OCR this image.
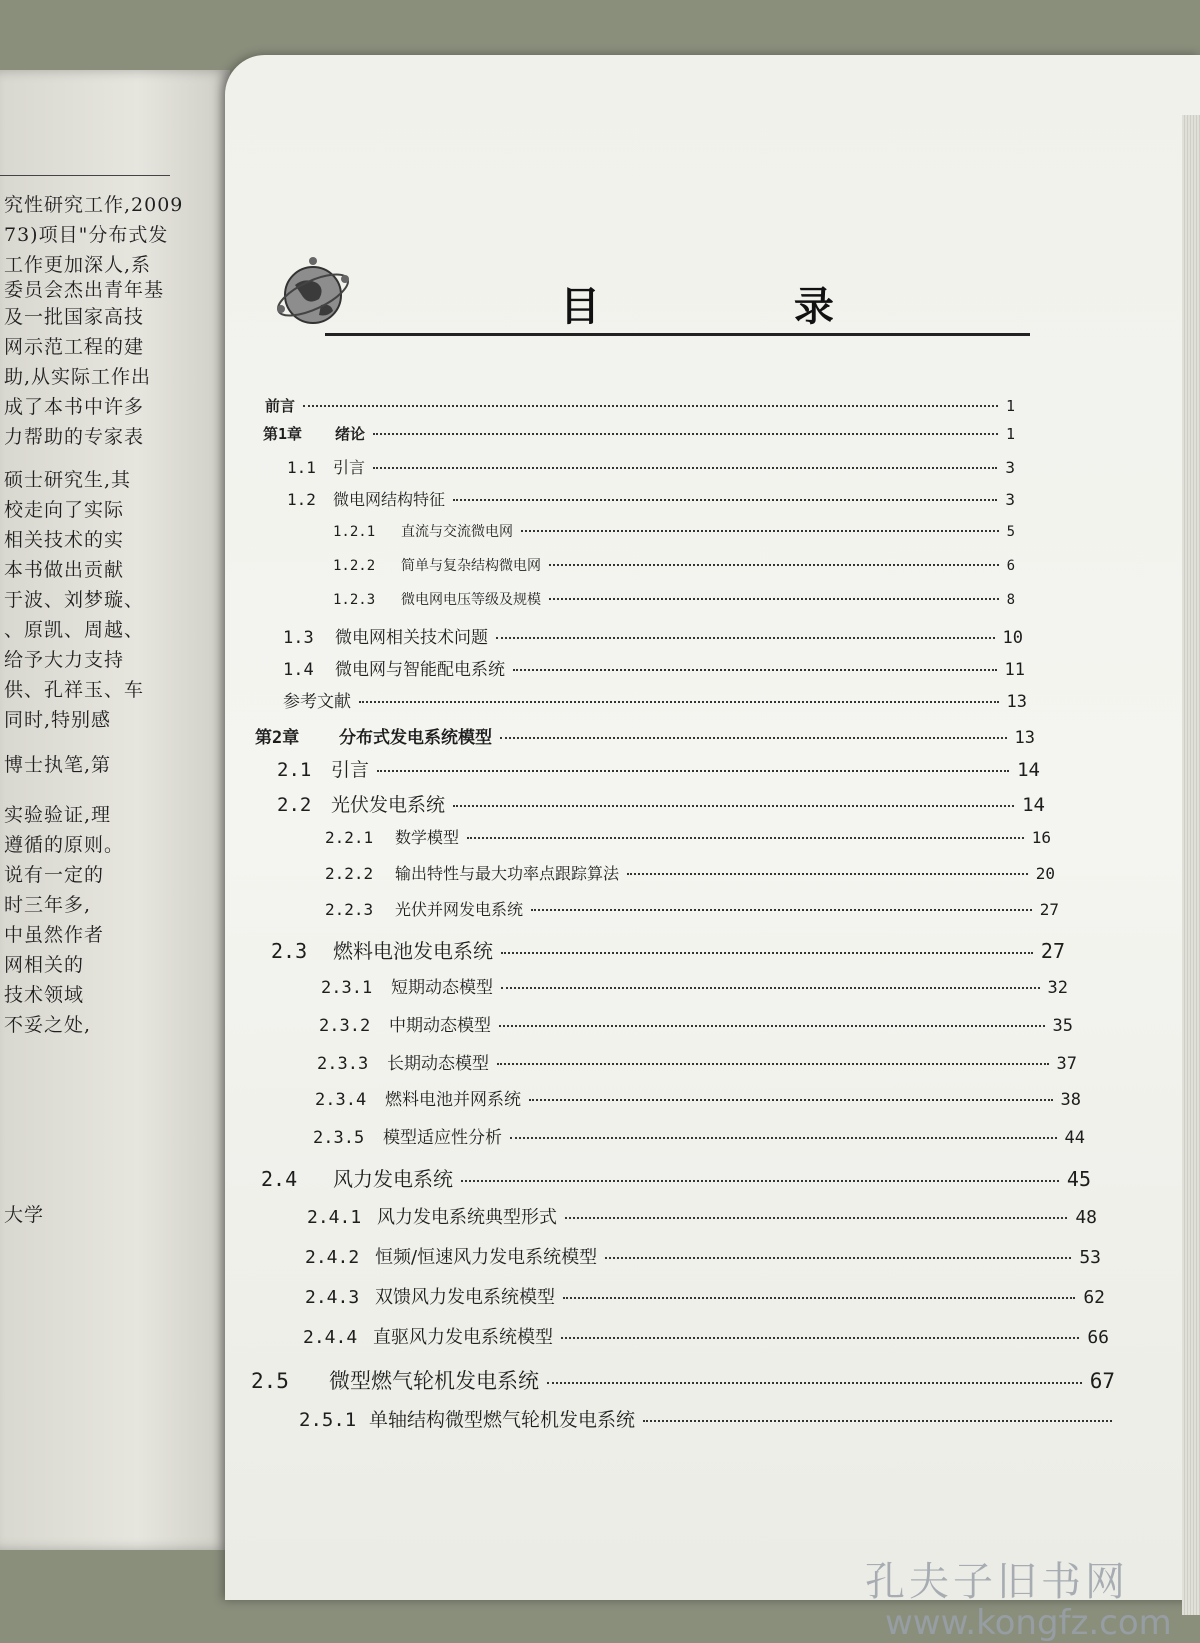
究性研究工作,2009
73)项目"分布式发
工作更加深人,系
委员会杰出青年基
及一批国家高技
网示范工程的建
助,从实际工作出
成了本书中许多
力帮助的专家表
硕士研究生,其
校走向了实际
相关技术的实
本书做出贡献
于波、刘梦璇、
、原凯、周越、
给予大力支持
供、孔祥玉、车
同时,特别感
博士执笔,第
实验验证,理
遵循的原则。
说有一定的
时三年多,
中虽然作者
网相关的
技术领域
不妥之处,
大学
目 录
前言	1
第1章	绪论	1
1.1	引言	3
1.2	微电网结构特征	3
1.2.1	直流与交流微电网	5
1.2.2	简单与复杂结构微电网	6
1.2.3	微电网电压等级及规模	8
1.3	微电网相关技术问题	10
1.4	微电网与智能配电系统	11
参考文献	13
第2章	分布式发电系统模型	13
2.1	引言	14
2.2	光伏发电系统	14
2.2.1	数学模型	16
2.2.2	输出特性与最大功率点跟踪算法	20
2.2.3	光伏并网发电系统	27
2.3	燃料电池发电系统	27
2.3.1	短期动态模型	32
2.3.2	中期动态模型	35
2.3.3	长期动态模型	37
2.3.4	燃料电池并网系统	38
2.3.5	模型适应性分析	44
2.4	风力发电系统	45
2.4.1 风力发电系统典型形式	48
2.4.2 恒频/恒速风力发电系统模型	53
2.4.3 双馈风力发电系统模型	62
2.4.4 直驱风力发电系统模型	66
2.5	微型燃气轮机发电系统	67
2.5.1 单轴结构微型燃气轮机发电系统
孔夫子旧书网
www.kongfz.com
